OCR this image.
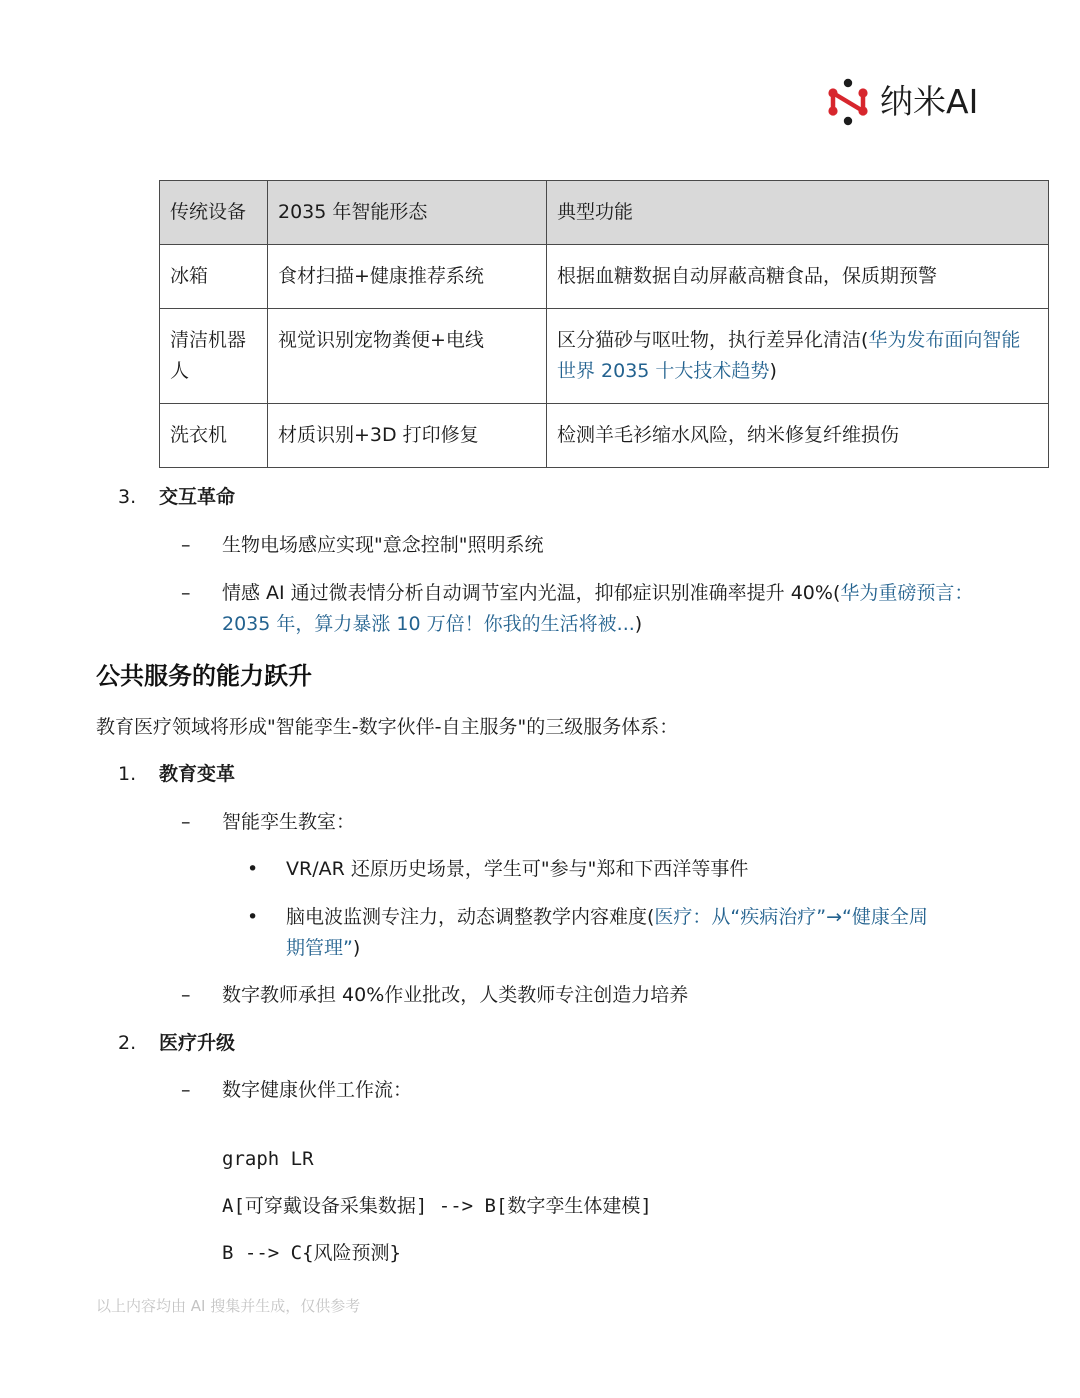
纳米AI
传统设备	2035 年智能形态	典型功能
冰箱	食材扫描+健康推荐系统	根据血糖数据自动屏蔽高糖食品，保质期预警
清洁机器人	视觉识别宠物粪便+电线	区分猫砂与呕吐物，执行差异化清洁(华为发布面向智能
世界 2035 十大技术趋势)

洗衣机	材质识别+3D 打印修复	检测羊毛衫缩水风险，纳米修复纤维损伤
3.	交互革命
–	生物电场感应实现"意念控制"照明系统
–	情感 AI 通过微表情分析自动调节室内光温，抑郁症识别准确率提升 40%(华为重磅预言：
2035 年，算力暴涨 10 万倍！你我的生活将被...)
公共服务的能力跃升
教育医疗领域将形成"智能孪生-数字伙伴-自主服务"的三级服务体系：
1.	教育变革
–	智能孪生教室：
•	VR/AR 还原历史场景，学生可"参与"郑和下西洋等事件
•	脑电波监测专注力，动态调整教学内容难度(医疗：从“疾病治疗”→“健康全周
期管理”)
–	数字教师承担 40%作业批改，人类教师专注创造力培养
2.	医疗升级
–	数字健康伙伴工作流：
graph LR
A[可穿戴设备采集数据] --> B[数字孪生体建模]
B --> C{风险预测}
以上内容均由 AI 搜集并生成，仅供参考
